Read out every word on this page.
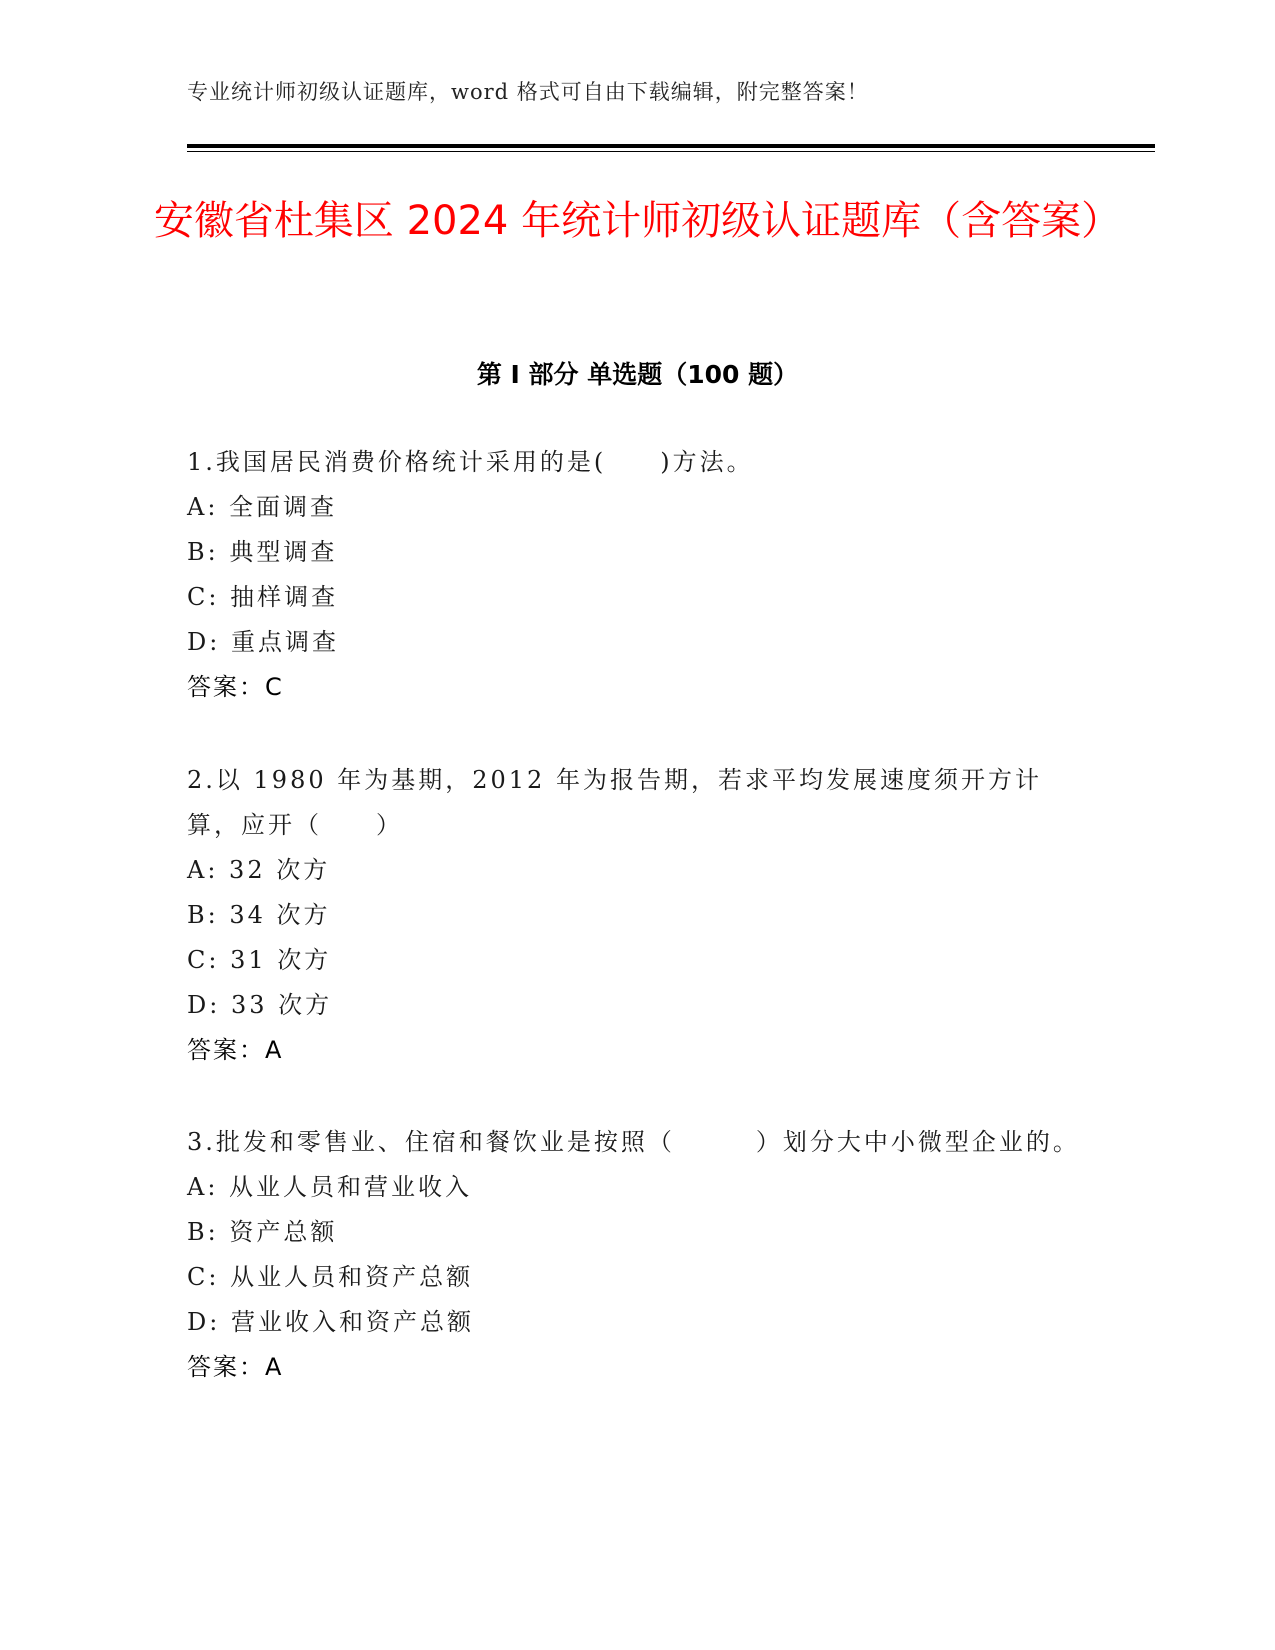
专业统计师初级认证题库，word 格式可自由下载编辑，附完整答案！
安徽省杜集区 2024 年统计师初级认证题库（含答案）
第 I 部分 单选题（100 题）

1.我国居民消费价格统计采用的是(　　)方法。

A: 全面调查

B: 典型调查

C: 抽样调查

D: 重点调查

答案：C

2.以 1980 年为基期，2012 年为报告期，若求平均发展速度须开方计算，应开（　　）

A: 32 次方

B: 34 次方

C: 31 次方

D: 33 次方

答案：A

3.批发和零售业、住宿和餐饮业是按照（　　　）划分大中小微型企业的。

A: 从业人员和营业收入

B: 资产总额

C: 从业人员和资产总额

D: 营业收入和资产总额

答案：A
